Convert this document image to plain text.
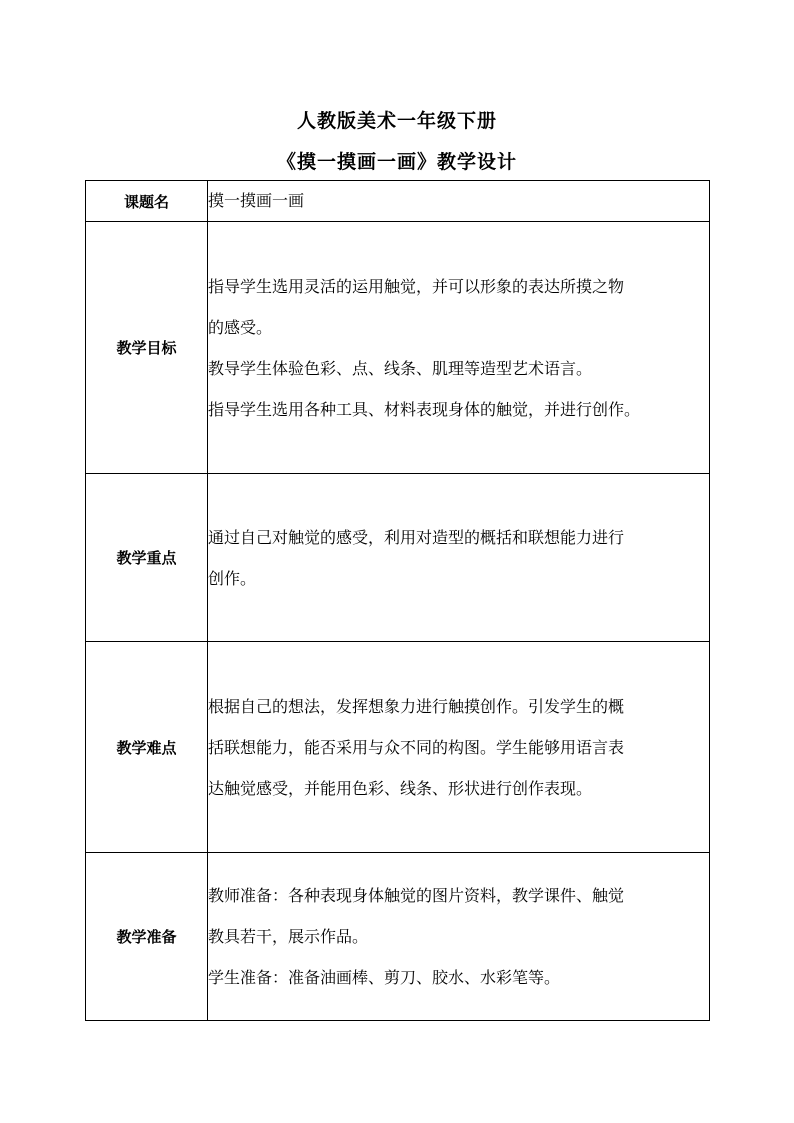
人教版美术一年级下册
《摸一摸画一画》教学设计
课题名	摸一摸画一画

教学目标	指导学生选用灵活的运用触觉，并可以形象的表达所摸之物

的感受。

教导学生体验色彩、点、线条、肌理等造型艺术语言。

指导学生选用各种工具、材料表现身体的触觉，并进行创作。

教学重点	通过自己对触觉的感受，利用对造型的概括和联想能力进行

创作。

教学难点	根据自己的想法，发挥想象力进行触摸创作。引发学生的概

括联想能力，能否采用与众不同的构图。学生能够用语言表

达触觉感受，并能用色彩、线条、形状进行创作表现。

教学准备	教师准备：各种表现身体触觉的图片资料，教学课件、触觉

教具若干，展示作品。

学生准备：准备油画棒、剪刀、胶水、水彩笔等。
